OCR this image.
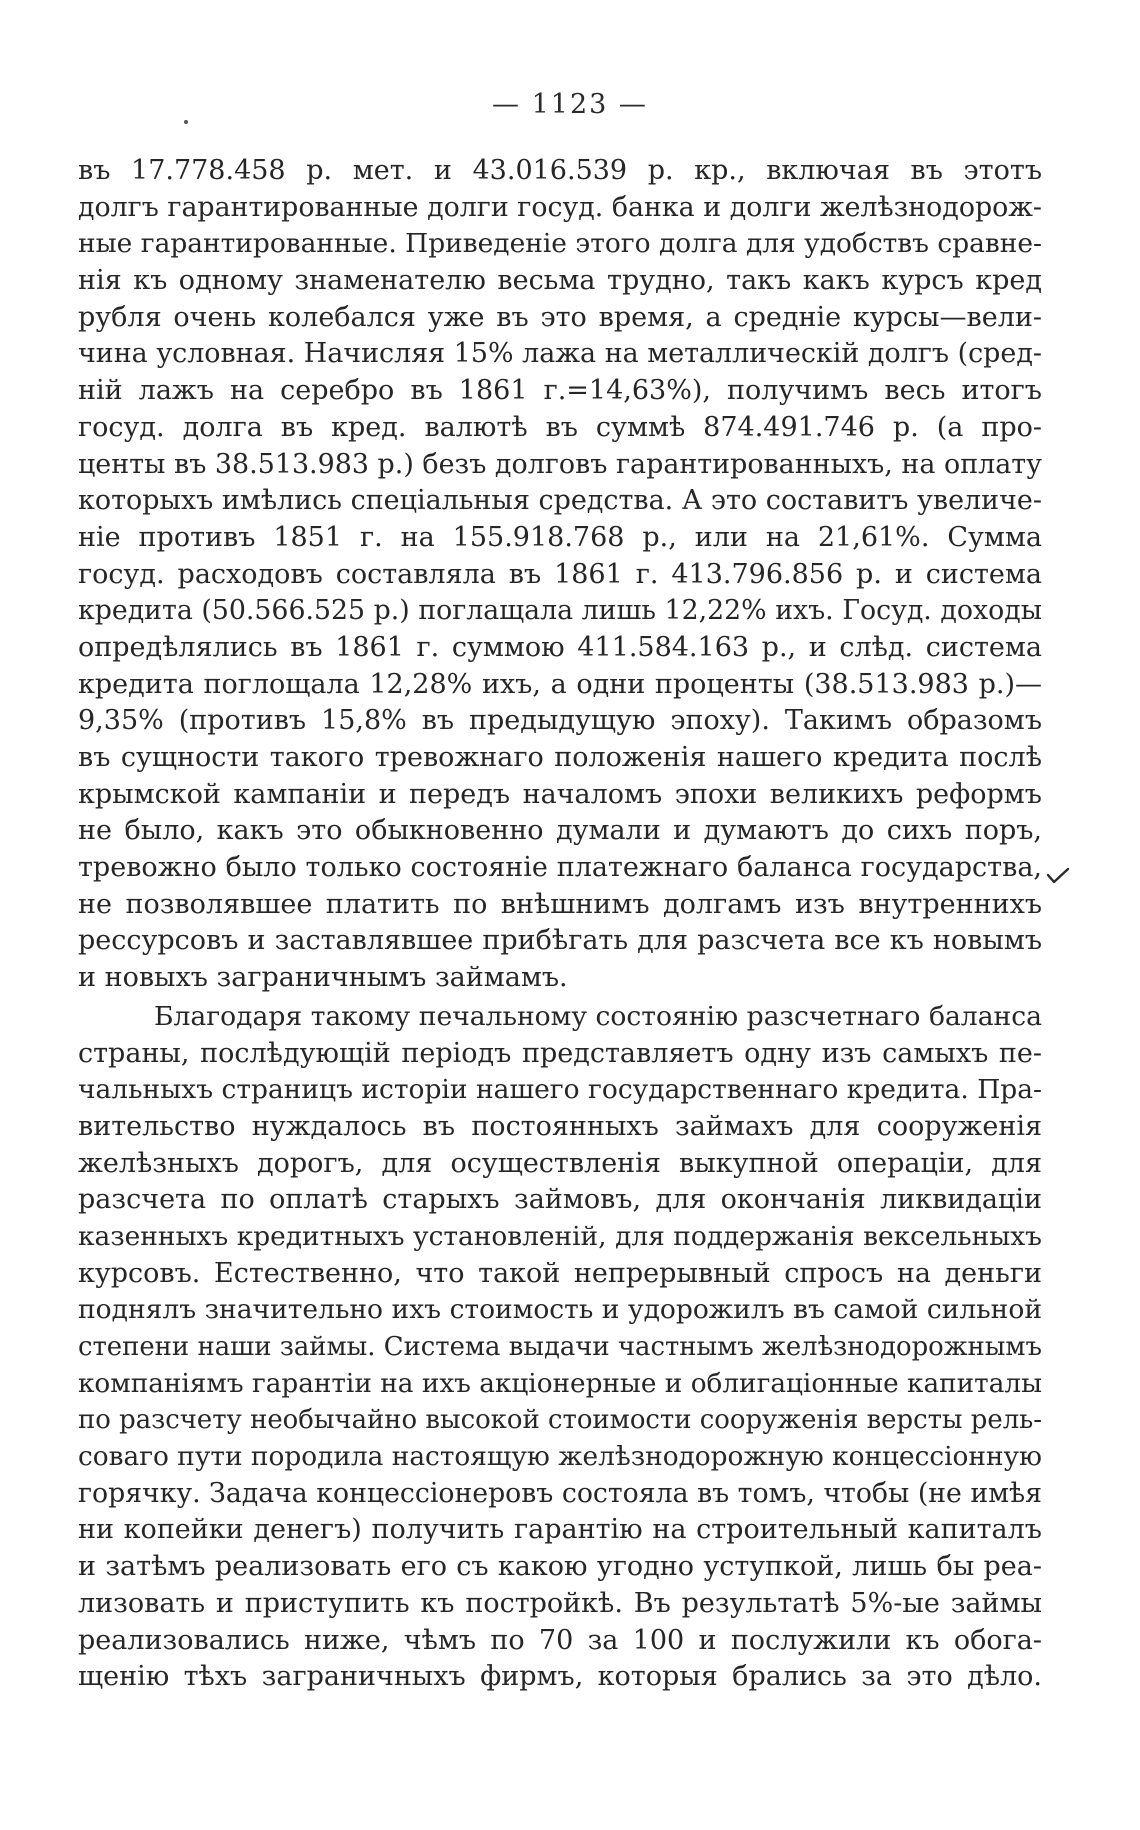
— 1123 —
въ 17.778.458 р. мет. и 43.016.539 р. кр., включая въ этотъ
долгъ гарантированные долги госуд. банка и долги желѣзнодорож-
ные гарантированные. Приведеніе этого долга для удобствъ сравне-
нія къ одному знаменателю весьма трудно, такъ какъ курсъ кред
рубля очень колебался уже въ это время, а средніе курсы—вели-
чина условная. Начисляя 15% лажа на металлическій долгъ (сред-
ній лажъ на серебро въ 1861 г.=14,63%), получимъ весь итогъ
госуд. долга въ кред. валютѣ въ суммѣ 874.491.746 р. (а про-
центы въ 38.513.983 р.) безъ долговъ гарантированныхъ, на оплату
которыхъ имѣлись спеціальныя средства. А это составитъ увеличе-
ніе противъ 1851 г. на 155.918.768 р., или на 21,61%. Сумма
госуд. расходовъ составляла въ 1861 г. 413.796.856 р. и система
кредита (50.566.525 р.) поглащала лишь 12,22% ихъ. Госуд. доходы
опредѣлялись въ 1861 г. суммою 411.584.163 р., и слѣд. система
кредита поглощала 12,28% ихъ, а одни проценты (38.513.983 р.)—
9,35% (противъ 15,8% въ предыдущую эпоху). Такимъ образомъ
въ сущности такого тревожнаго положенія нашего кредита послѣ
крымской кампаніи и передъ началомъ эпохи великихъ реформъ
не было, какъ это обыкновенно думали и думаютъ до сихъ поръ,
тревожно было только состояніе платежнаго баланса государства,
не позволявшее платить по внѣшнимъ долгамъ изъ внутреннихъ
рессурсовъ и заставлявшее прибѣгать для разсчета все къ новымъ
и новыхъ заграничнымъ займамъ.
Благодаря такому печальному состоянію разсчетнаго баланса
страны, послѣдующій періодъ представляетъ одну изъ самыхъ пе-
чальныхъ страницъ исторіи нашего государственнаго кредита. Пра-
вительство нуждалось въ постоянныхъ займахъ для сооруженія
желѣзныхъ дорогъ, для осуществленія выкупной операціи, для
разсчета по оплатѣ старыхъ займовъ, для окончанія ликвидаціи
казенныхъ кредитныхъ установленій, для поддержанія вексельныхъ
курсовъ. Естественно, что такой непрерывный спросъ на деньги
поднялъ значительно ихъ стоимость и удорожилъ въ самой сильной
степени наши займы. Система выдачи частнымъ желѣзнодорожнымъ
компаніямъ гарантіи на ихъ акціонерные и облигаціонные капиталы
по разсчету необычайно высокой стоимости сооруженія версты рель-
соваго пути породила настоящую желѣзнодорожную концессіонную
горячку. Задача концессіонеровъ состояла въ томъ, чтобы (не имѣя
ни копейки денегъ) получить гарантію на строительный капиталъ
и затѣмъ реализовать его съ какою угодно уступкой, лишь бы реа-
лизовать и приступить къ постройкѣ. Въ результатѣ 5%-ые займы
реализовались ниже, чѣмъ по 70 за 100 и послужили къ обога-
щенію тѣхъ заграничныхъ фирмъ, которыя брались за это дѣло.
